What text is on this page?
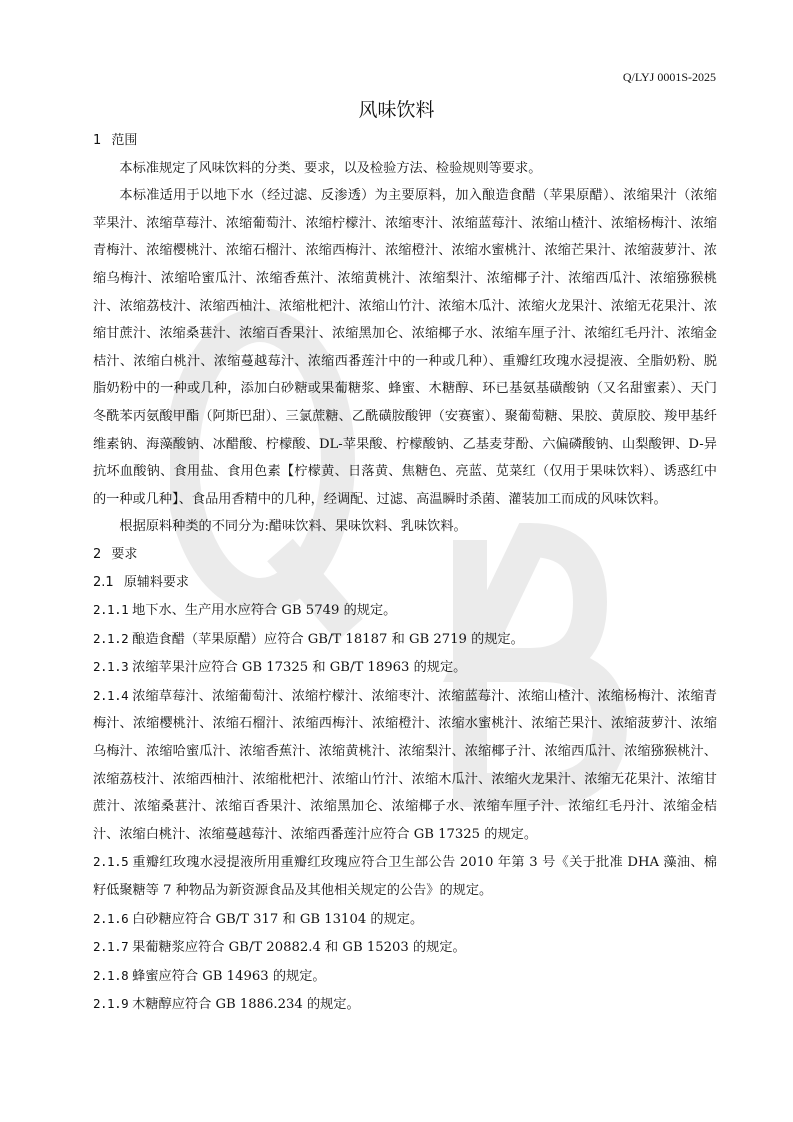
Q/LYJ 0001S-2025
风味饮料

1 范围

本标准规定了风味饮料的分类、要求，以及检验方法、检验规则等要求。

本标准适用于以地下水（经过滤、反渗透）为主要原料，加入酿造食醋（苹果原醋）、浓缩果汁（浓缩苹果汁、浓缩草莓汁、浓缩葡萄汁、浓缩柠檬汁、浓缩枣汁、浓缩蓝莓汁、浓缩山楂汁、浓缩杨梅汁、浓缩青梅汁、浓缩樱桃汁、浓缩石榴汁、浓缩西梅汁、浓缩橙汁、浓缩水蜜桃汁、浓缩芒果汁、浓缩菠萝汁、浓缩乌梅汁、浓缩哈蜜瓜汁、浓缩香蕉汁、浓缩黄桃汁、浓缩梨汁、浓缩椰子汁、浓缩西瓜汁、浓缩猕猴桃汁、浓缩荔枝汁、浓缩西柚汁、浓缩枇杷汁、浓缩山竹汁、浓缩木瓜汁、浓缩火龙果汁、浓缩无花果汁、浓缩甘蔗汁、浓缩桑葚汁、浓缩百香果汁、浓缩黑加仑、浓缩椰子水、浓缩车厘子汁、浓缩红毛丹汁、浓缩金桔汁、浓缩白桃汁、浓缩蔓越莓汁、浓缩西番莲汁中的一种或几种）、重瓣红玫瑰水浸提液、全脂奶粉、脱脂奶粉中的一种或几种，添加白砂糖或果葡糖浆、蜂蜜、木糖醇、环已基氨基磺酸钠（又名甜蜜素）、天门冬酰苯丙氨酸甲酯（阿斯巴甜）、三氯蔗糖、乙酰磺胺酸钾（安赛蜜）、聚葡萄糖、果胶、黄原胶、羧甲基纤维素钠、海藻酸钠、冰醋酸、柠檬酸、DL-苹果酸、柠檬酸钠、乙基麦芽酚、六偏磷酸钠、山梨酸钾、D-异抗坏血酸钠、食用盐、食用色素【柠檬黄、日落黄、焦糖色、亮蓝、苋菜红（仅用于果味饮料）、诱惑红中的一种或几种】、食品用香精中的几种，经调配、过滤、高温瞬时杀菌、灌装加工而成的风味饮料。

根据原料种类的不同分为:醋味饮料、果味饮料、乳味饮料。

2 要求

2.1 原辅料要求

2.1.1 地下水、生产用水应符合 GB 5749 的规定。

2.1.2 酿造食醋（苹果原醋）应符合 GB/T 18187 和 GB 2719 的规定。

2.1.3 浓缩苹果汁应符合 GB 17325 和 GB/T 18963 的规定。

2.1.4 浓缩草莓汁、浓缩葡萄汁、浓缩柠檬汁、浓缩枣汁、浓缩蓝莓汁、浓缩山楂汁、浓缩杨梅汁、浓缩青梅汁、浓缩樱桃汁、浓缩石榴汁、浓缩西梅汁、浓缩橙汁、浓缩水蜜桃汁、浓缩芒果汁、浓缩菠萝汁、浓缩乌梅汁、浓缩哈蜜瓜汁、浓缩香蕉汁、浓缩黄桃汁、浓缩梨汁、浓缩椰子汁、浓缩西瓜汁、浓缩猕猴桃汁、浓缩荔枝汁、浓缩西柚汁、浓缩枇杷汁、浓缩山竹汁、浓缩木瓜汁、浓缩火龙果汁、浓缩无花果汁、浓缩甘蔗汁、浓缩桑葚汁、浓缩百香果汁、浓缩黑加仑、浓缩椰子水、浓缩车厘子汁、浓缩红毛丹汁、浓缩金桔汁、浓缩白桃汁、浓缩蔓越莓汁、浓缩西番莲汁应符合 GB 17325 的规定。

2.1.5 重瓣红玫瑰水浸提液所用重瓣红玫瑰应符合卫生部公告 2010 年第 3 号《关于批准 DHA 藻油、棉籽低聚糖等 7 种物品为新资源食品及其他相关规定的公告》的规定。

2.1.6 白砂糖应符合 GB/T 317 和 GB 13104 的规定。

2.1.7 果葡糖浆应符合 GB/T 20882.4 和 GB 15203 的规定。

2.1.8 蜂蜜应符合 GB 14963 的规定。

2.1.9 木糖醇应符合 GB 1886.234 的规定。
